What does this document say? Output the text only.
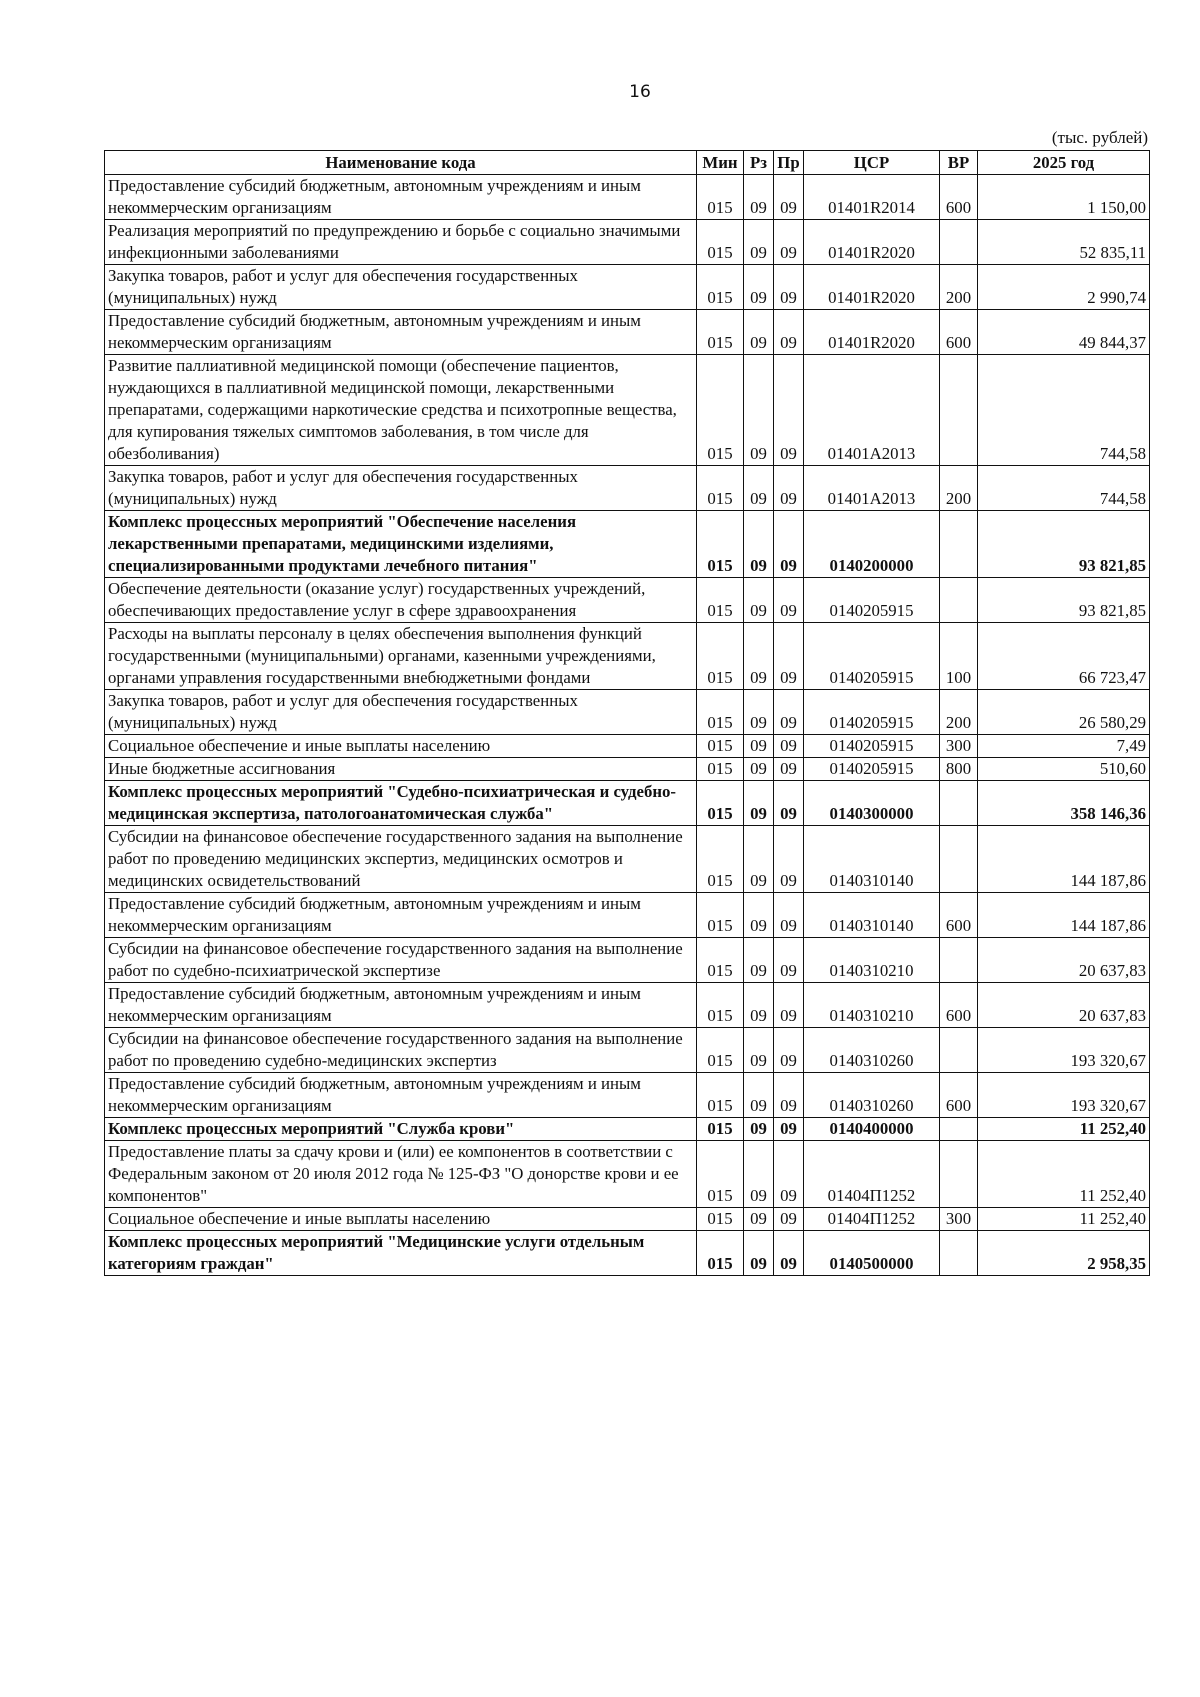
16
(тыс. рублей)
Наименование кода	Мин	Рз	Пр	ЦСР	ВР	2025 год
Предоставление субсидий бюджетным, автономным учреждениям и иным некоммерческим организациям	015	09	09	01401R2014	600	1 150,00
Реализация мероприятий по предупреждению и борьбе с социально значимыми инфекционными заболеваниями	015	09	09	01401R2020		52 835,11
Закупка товаров, работ и услуг для обеспечения государственных (муниципальных) нужд	015	09	09	01401R2020	200	2 990,74
Предоставление субсидий бюджетным, автономным учреждениям и иным некоммерческим организациям	015	09	09	01401R2020	600	49 844,37
Развитие паллиативной медицинской помощи (обеспечение пациентов, нуждающихся в паллиативной медицинской помощи, лекарственными препаратами, содержащими наркотические средства и психотропные вещества, для купирования тяжелых симптомов заболевания, в том числе для обезболивания)	015	09	09	01401A2013		744,58
Закупка товаров, работ и услуг для обеспечения государственных (муниципальных) нужд	015	09	09	01401A2013	200	744,58
Комплекс процессных мероприятий "Обеспечение населения лекарственными препаратами, медицинскими изделиями, специализированными продуктами лечебного питания"	015	09	09	0140200000		93 821,85
Обеспечение деятельности (оказание услуг) государственных учреждений, обеспечивающих предоставление услуг в сфере здравоохранения	015	09	09	0140205915		93 821,85
Расходы на выплаты персоналу в целях обеспечения выполнения функций государственными (муниципальными) органами, казенными учреждениями, органами управления государственными внебюджетными фондами	015	09	09	0140205915	100	66 723,47
Закупка товаров, работ и услуг для обеспечения государственных (муниципальных) нужд	015	09	09	0140205915	200	26 580,29
Социальное обеспечение и иные выплаты населению	015	09	09	0140205915	300	7,49
Иные бюджетные ассигнования	015	09	09	0140205915	800	510,60
Комплекс процессных мероприятий "Судебно-психиатрическая и судебно-медицинская экспертиза, патологоанатомическая служба"	015	09	09	0140300000		358 146,36
Субсидии на финансовое обеспечение государственного задания на выполнение работ по проведению медицинских экспертиз, медицинских осмотров и медицинских освидетельствований	015	09	09	0140310140		144 187,86
Предоставление субсидий бюджетным, автономным учреждениям и иным некоммерческим организациям	015	09	09	0140310140	600	144 187,86
Субсидии на финансовое обеспечение государственного задания на выполнение работ по судебно-психиатрической экспертизе	015	09	09	0140310210		20 637,83
Предоставление субсидий бюджетным, автономным учреждениям и иным некоммерческим организациям	015	09	09	0140310210	600	20 637,83
Субсидии на финансовое обеспечение государственного задания на выполнение работ по проведению судебно-медицинских экспертиз	015	09	09	0140310260		193 320,67
Предоставление субсидий бюджетным, автономным учреждениям и иным некоммерческим организациям	015	09	09	0140310260	600	193 320,67
Комплекс процессных мероприятий "Служба крови"	015	09	09	0140400000		11 252,40
Предоставление платы за сдачу крови и (или) ее компонентов в соответствии с Федеральным законом от 20 июля 2012 года № 125-ФЗ "О донорстве крови и ее компонентов"	015	09	09	01404П1252		11 252,40
Социальное обеспечение и иные выплаты населению	015	09	09	01404П1252	300	11 252,40
Комплекс процессных мероприятий "Медицинские услуги отдельным категориям граждан"	015	09	09	0140500000		2 958,35
